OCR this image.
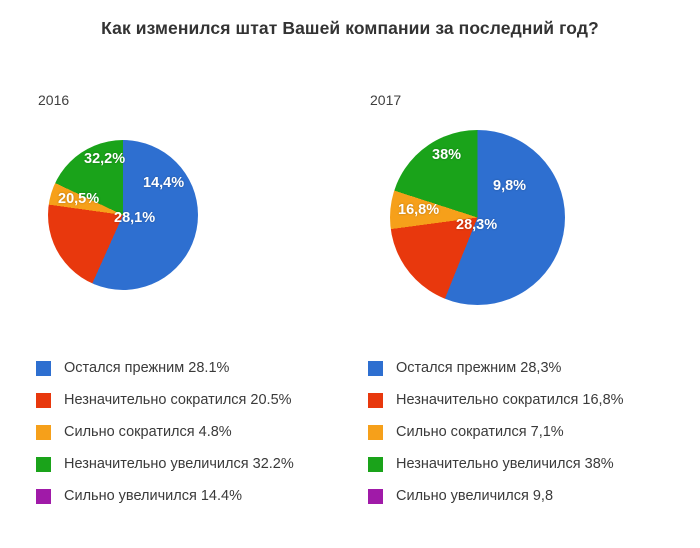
Как изменился штат Вашей компании за последний год?
2016
28,1%
20,5%
32,2%
14,4%
Остался прежним 28.1%
Незначительно сократился 20.5%
Сильно сократился 4.8%
Незначительно увеличился 32.2%
Сильно увеличился 14.4%
2017
28,3%
16,8%
38%
9,8%
Остался прежним 28,3%
Незначительно сократился 16,8%
Сильно сократился 7,1%
Незначительно увеличился 38%
Сильно увеличился 9,8
